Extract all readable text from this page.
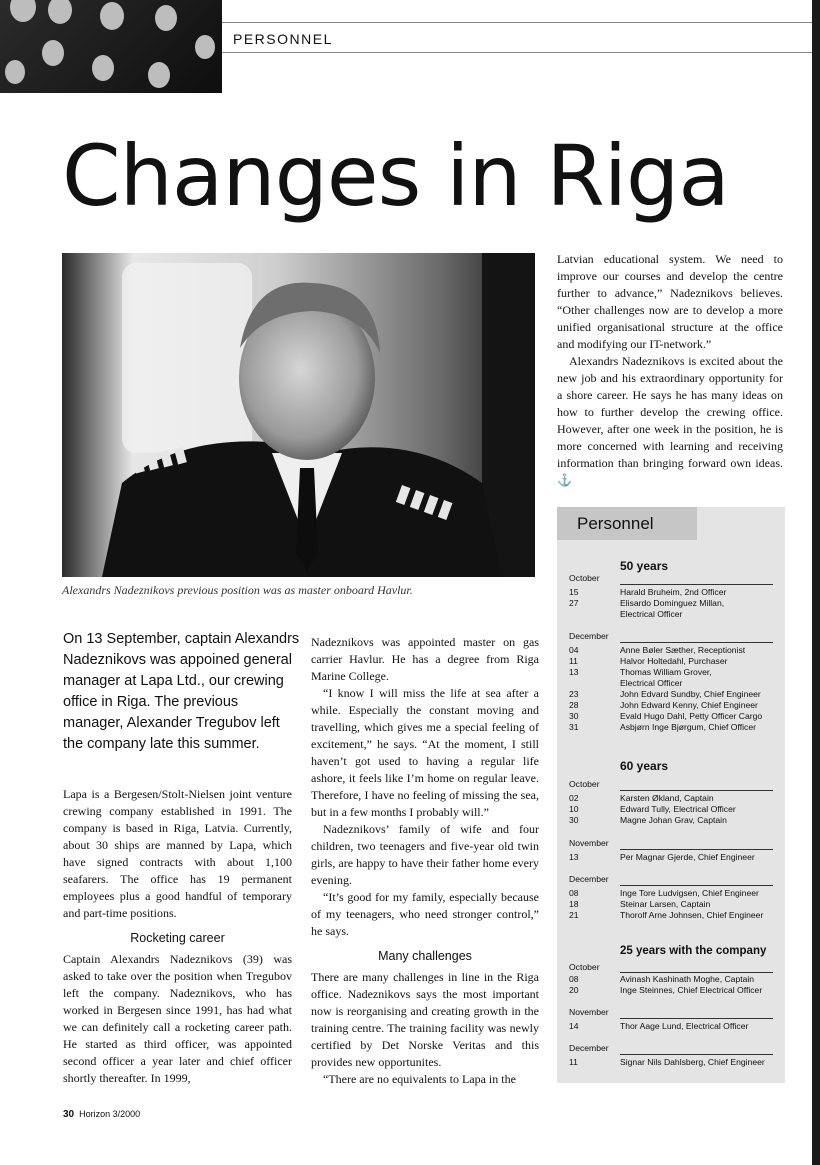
PERSONNEL
Changes in Riga
Alexandrs Nadeznikovs previous position was as master onboard Havlur.
On 13 September, captain Alexandrs Nadeznikovs was appoined general manager at Lapa Ltd., our crewing office in Riga. The previous manager, Alexander Tregubov left the company late this summer.

Lapa is a Bergesen/Stolt-Nielsen joint venture crewing company established in 1991. The company is based in Riga, Latvia. Currently, about 30 ships are manned by Lapa, which have signed contracts with about 1,100 seafarers. The office has 19 permanent employees plus a good handful of temporary and part-time positions.

Rocketing career

Captain Alexandrs Nadeznikovs (39) was asked to take over the position when Tregubov left the company. Nadeznikovs, who has worked in Bergesen since 1991, has had what we can definitely call a rocketing career path. He started as third officer, was appointed second officer a year later and chief officer shortly thereafter. In 1999,

Nadeznikovs was appointed master on gas carrier Havlur. He has a degree from Riga Marine College.

“I know I will miss the life at sea after a while. Especially the constant moving and travelling, which gives me a special feeling of excitement,” he says. “At the moment, I still haven’t got used to having a regular life ashore, it feels like I’m home on regular leave. Therefore, I have no feeling of missing the sea, but in a few months I probably will.”

Nadeznikovs’ family of wife and four children, two teenagers and five-year old twin girls, are happy to have their father home every evening.

“It’s good for my family, especially because of my teenagers, who need stronger control,” he says.

Many challenges

There are many challenges in line in the Riga office. Nadeznikovs says the most important now is reorganising and creating growth in the training centre. The training facility was newly certified by Det Norske Veritas and this provides new opportunites.

“There are no equivalents to Lapa in the

Latvian educational system. We need to improve our courses and develop the centre further to advance,” Nadeznikovs believes. “Other challenges now are to develop a more unified organisational structure at the office and modifying our IT-network.”

Alexandrs Nadeznikovs is excited about the new job and his extraordinary opportunity for a shore career. He says he has many ideas on how to further develop the crewing office. However, after one week in the position, he is more concerned with learning and receiving information than bringing forward own ideas. ⚓

Personnel
50 years
October
15	Harald Bruheim, 2nd Officer
27	Elisardo Dominguez Millan,
Electrical Officer
December
04	Anne Bøler Sæther, Receptionist
11	Halvor Holtedahl, Purchaser
13	Thomas William Grover,
Electrical Officer
23	John Edvard Sundby, Chief Engineer
28	John Edward Kenny, Chief Engineer
30	Evald Hugo Dahl, Petty Officer Cargo
31	Asbjørn Inge Bjørgum, Chief Officer
60 years
October
02	Karsten Økland, Captain
10	Edward Tully, Electrical Officer
30	Magne Johan Grav, Captain
November
13	Per Magnar Gjerde, Chief Engineer
December
08	Inge Tore Ludvigsen, Chief Engineer
18	Steinar Larsen, Captain
21	Thorolf Arne Johnsen, Chief Engineer
25 years with the company
October
08	Avinash Kashinath Moghe, Captain
20	Inge Steinnes, Chief Electrical Officer
November
14	Thor Aage Lund, Electrical Officer
December
11	Signar Nils Dahlsberg, Chief Engineer
30 Horizon 3/2000
